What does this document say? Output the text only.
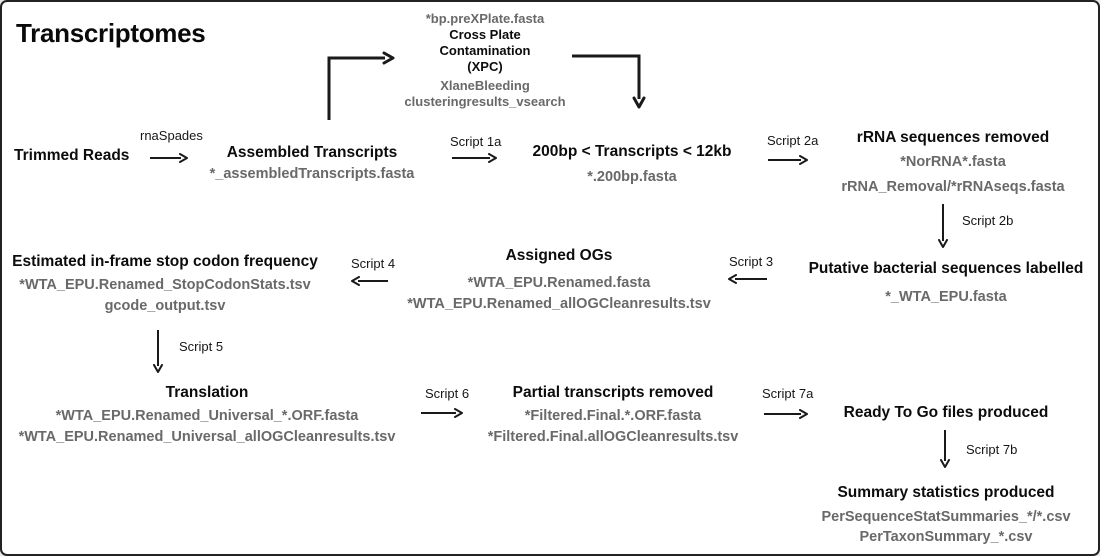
Transcriptomes
Trimmed Reads	Assembled Transcripts
*_assembledTranscripts.fasta
*bp.preXPlate.fasta
Cross Plate
Contamination
(XPC)
XlaneBleeding
clusteringresults_vsearch
200bp < Transcripts < 12kb
*.200bp.fasta
rRNA sequences removed
*NorRNA*.fasta
rRNA_Removal/*rRNAseqs.fasta
Putative bacterial sequences labelled
*_WTA_EPU.fasta
Assigned OGs
*WTA_EPU.Renamed.fasta
*WTA_EPU.Renamed_allOGCleanresults.tsv
Estimated in-frame stop codon frequency
*WTA_EPU.Renamed_StopCodonStats.tsv
gcode_output.tsv
Translation
*WTA_EPU.Renamed_Universal_*.ORF.fasta
*WTA_EPU.Renamed_Universal_allOGCleanresults.tsv
Partial transcripts removed
*Filtered.Final.*.ORF.fasta
*Filtered.Final.allOGCleanresults.tsv
Ready To Go files produced
Summary statistics produced
PerSequenceStatSummaries_*/*.csv
PerTaxonSummary_*.csv
rnaSpades	Script 1a	Script 2a
Script 2b
Script 3
Script 4
Script 5
Script 6	Script 7a
Script 7b
